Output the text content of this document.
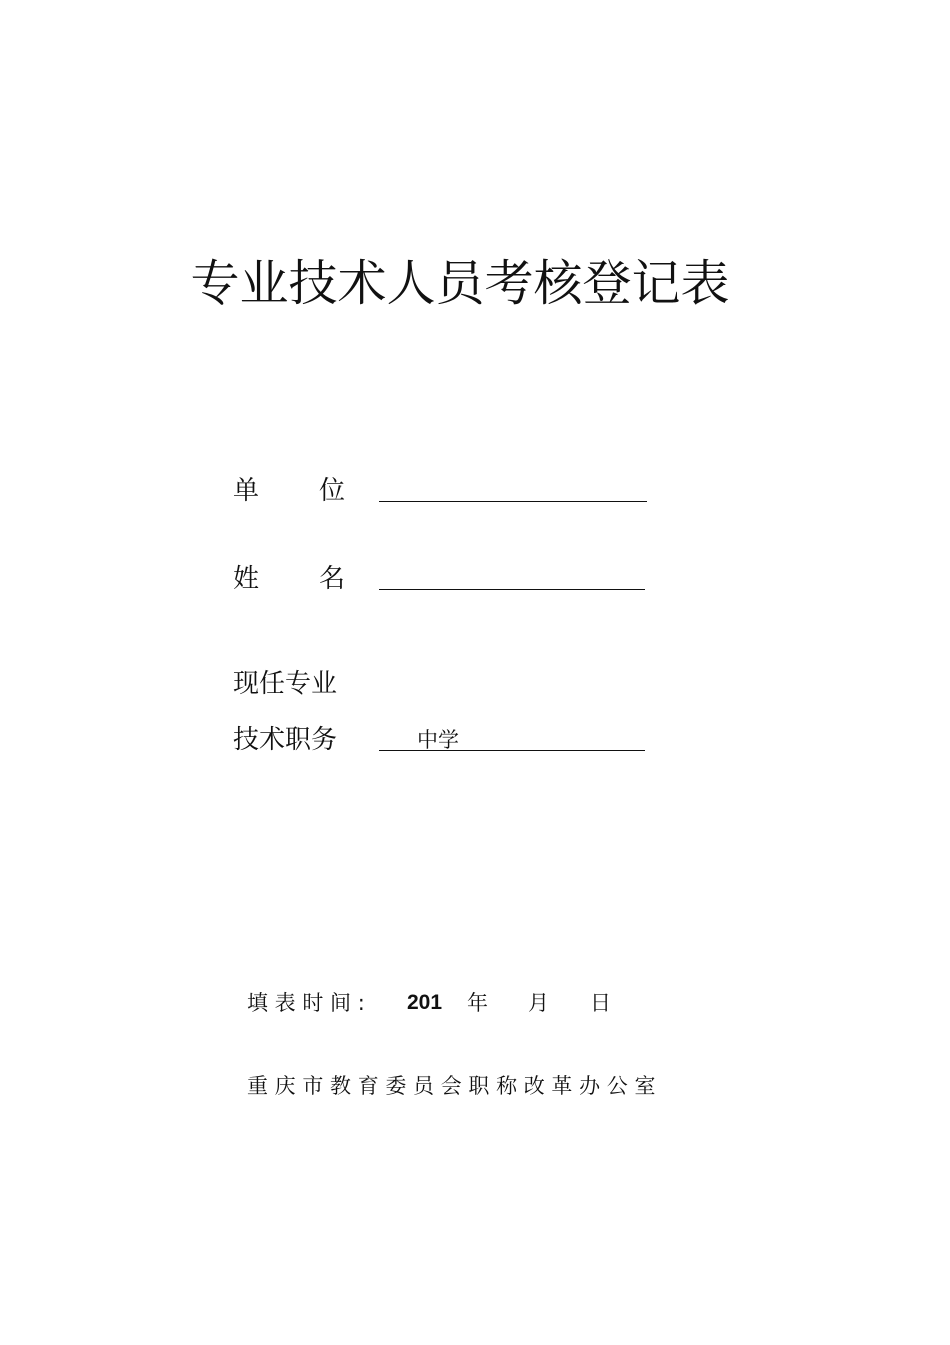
专业技术人员考核登记表
单 位
姓 名
现任专业
技术职务	中学
填 表 时 间 : 201 年 月 日
重 庆 市 教 育 委 员 会 职 称 改 革 办 公 室
